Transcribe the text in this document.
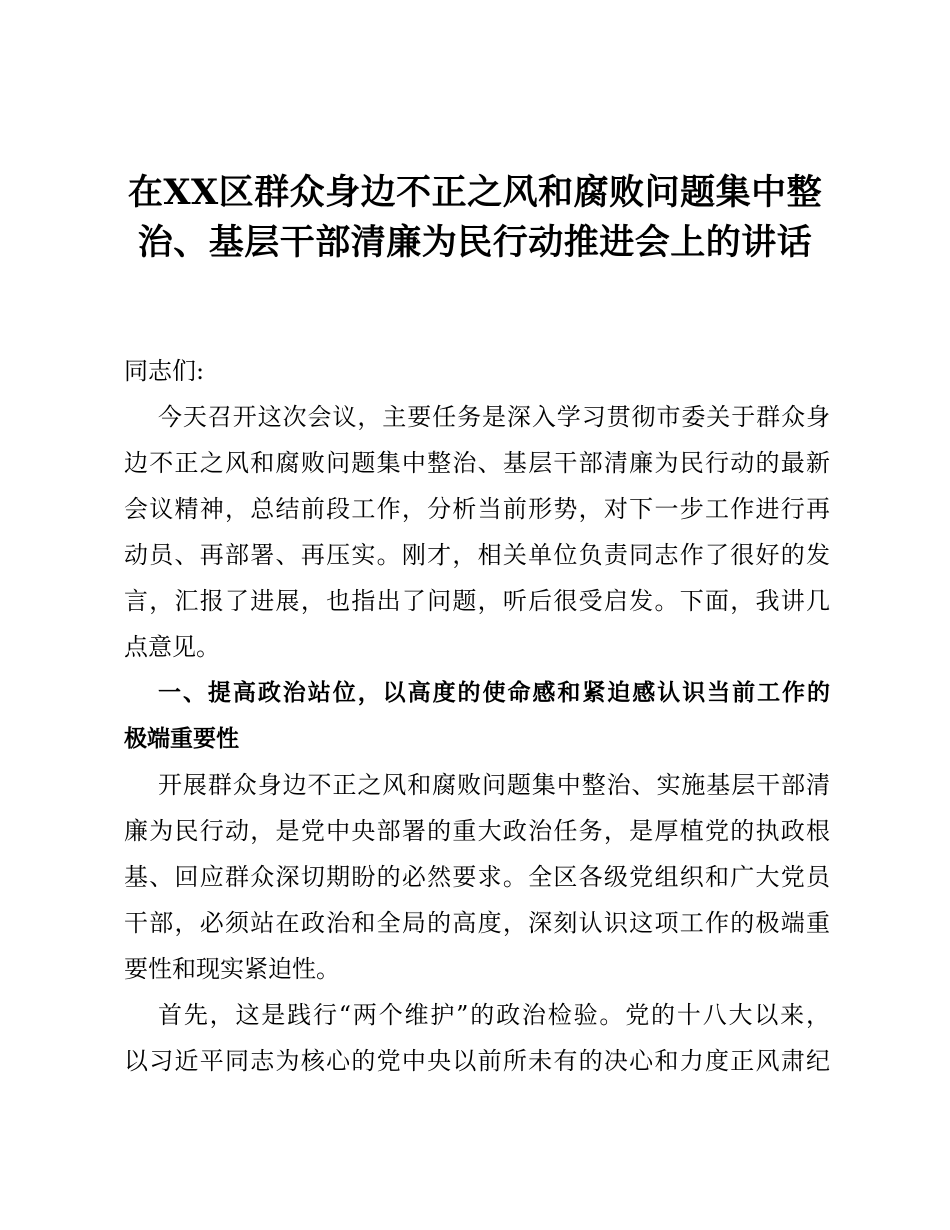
在XX区群众身边不正之风和腐败问题集中整
治、基层干部清廉为民行动推进会上的讲话
同志们:
今天召开这次会议，主要任务是深入学习贯彻市委关于群众身
边不正之风和腐败问题集中整治、基层干部清廉为民行动的最新
会议精神，总结前段工作，分析当前形势，对下一步工作进行再
动员、再部署、再压实。刚才，相关单位负责同志作了很好的发
言，汇报了进展，也指出了问题，听后很受启发。下面，我讲几
点意见。
一、提高政治站位，以高度的使命感和紧迫感认识当前工作的
极端重要性
开展群众身边不正之风和腐败问题集中整治、实施基层干部清
廉为民行动，是党中央部署的重大政治任务，是厚植党的执政根
基、回应群众深切期盼的必然要求。全区各级党组织和广大党员
干部，必须站在政治和全局的高度，深刻认识这项工作的极端重
要性和现实紧迫性。
首先，这是践行“两个维护”的政治检验。党的十八大以来，
以习近平同志为核心的党中央以前所未有的决心和力度正风肃纪
